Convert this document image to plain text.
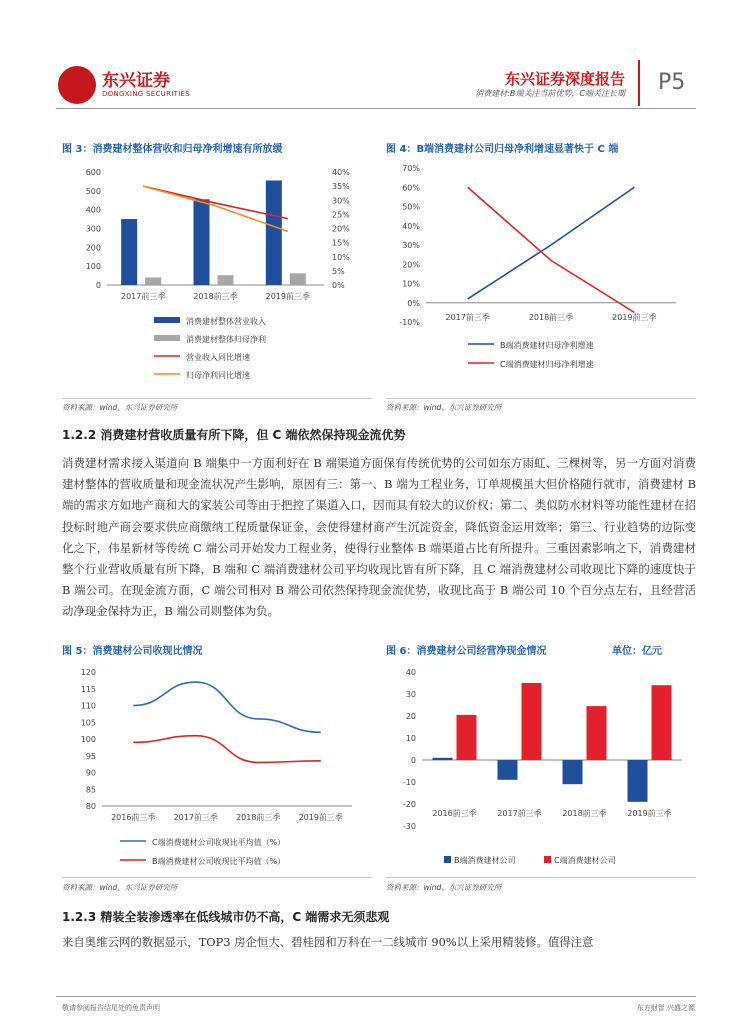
东兴证券
DONGXING SECURITIES
东兴证券深度报告
消费建材:B端关注当前优势，C端关注长期 P5
图 3：消费建材整体营收和归母净利增速有所放缓
600
500
400
300
200
100
0
40%
35%
30%
25%
20%
15%
10%
5%
0%
2017前三季	2018前三季	2019前三季
消费建材整体营业收入
消费建材整体归母净利
营业收入同比增速
归母净利同比增速
资料来源：wind、东兴证券研究所
图 4：B端消费建材公司归母净利增速显著快于 C 端
70%
60%
50%
40%
30%
20%
10%
0%
-10%
2017前三季	2018前三季	2019前三季
B端消费建材归母净利增速
C端消费建材归母净利增速
资料来源：wind、东兴证券研究所
1.2.2 消费建材营收质量有所下降，但 C 端依然保持现金流优势
消费建材需求接入渠道向 B 端集中一方面利好在 B 端渠道方面保有传统优势的公司如东方雨虹、三棵树等，另一方面对消费建材整体的营收质量和现金流状况产生影响，原因有三：第一、B 端为工程业务，订单规模虽大但价格随行就市，消费建材 B 端的需求方如地产商和大的家装公司等由于把控了渠道入口，因而具有较大的议价权；第二、类似防水材料等功能性建材在招投标时地产商会要求供应商缴纳工程质量保证金，会使得建材商产生沉淀资金，降低资金运用效率；第三、行业趋势的边际变化之下，伟星新材等传统 C 端公司开始发力工程业务，使得行业整体 B 端渠道占比有所提升。三重因素影响之下，消费建材整个行业营收质量有所下降，B 端和 C 端消费建材公司平均收现比皆有所下降，且 C 端消费建材公司收现比下降的速度快于 B 端公司。在现金流方面，C 端公司相对 B 端公司依然保持现金流优势，收现比高于 B 端公司 10 个百分点左右，且经营活动净现金保持为正，B 端公司则整体为负。
图 5：消费建材公司收现比情况
120
115
110
105
100
95
90
85
80
2016前三季 2017前三季 2018前三季 2019前三季
C端消费建材公司收现比平均值（%）
B端消费建材公司收现比平均值（%）
资料来源：wind、东兴证券研究所
图 6：消费建材公司经营净现金情况	单位：亿元
40
30
20
10
0
-10
-20
-30
2016前三季	2017前三季	2018前三季	2019前三季
B端消费建材公司	C端消费建材公司
资料来源：wind、东兴证券研究所
1.2.3 精装全装渗透率在低线城市仍不高，C 端需求无须悲观
来自奥维云网的数据显示，TOP3 房企恒大、碧桂园和万科在一二线城市 90%以上采用精装修。值得注意
敬请参阅报告结尾处的免责声明	东方财智 兴盛之源
